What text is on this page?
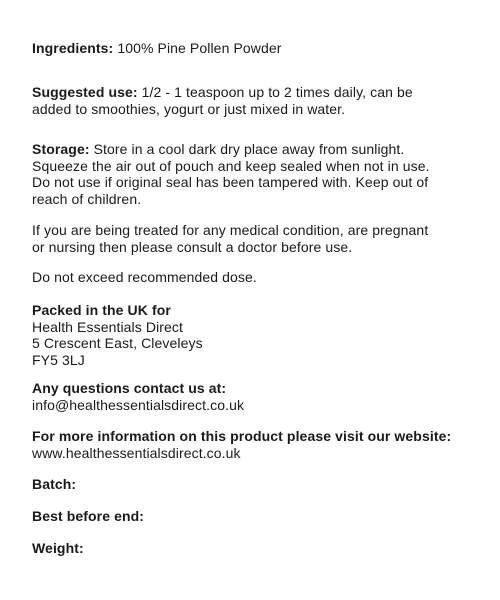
Ingredients: 100% Pine Pollen Powder
Suggested use: 1/2 - 1 teaspoon up to 2 times daily, can be
added to smoothies, yogurt or just mixed in water.
Storage: Store in a cool dark dry place away from sunlight.
Squeeze the air out of pouch and keep sealed when not in use.
Do not use if original seal has been tampered with. Keep out of
reach of children.
If you are being treated for any medical condition, are pregnant
or nursing then please consult a doctor before use.
Do not exceed recommended dose.
Packed in the UK for
Health Essentials Direct
5 Crescent East, Cleveleys
FY5 3LJ
Any questions contact us at:
info@healthessentialsdirect.co.uk
For more information on this product please visit our website:
www.healthessentialsdirect.co.uk
Batch:
Best before end:
Weight:
